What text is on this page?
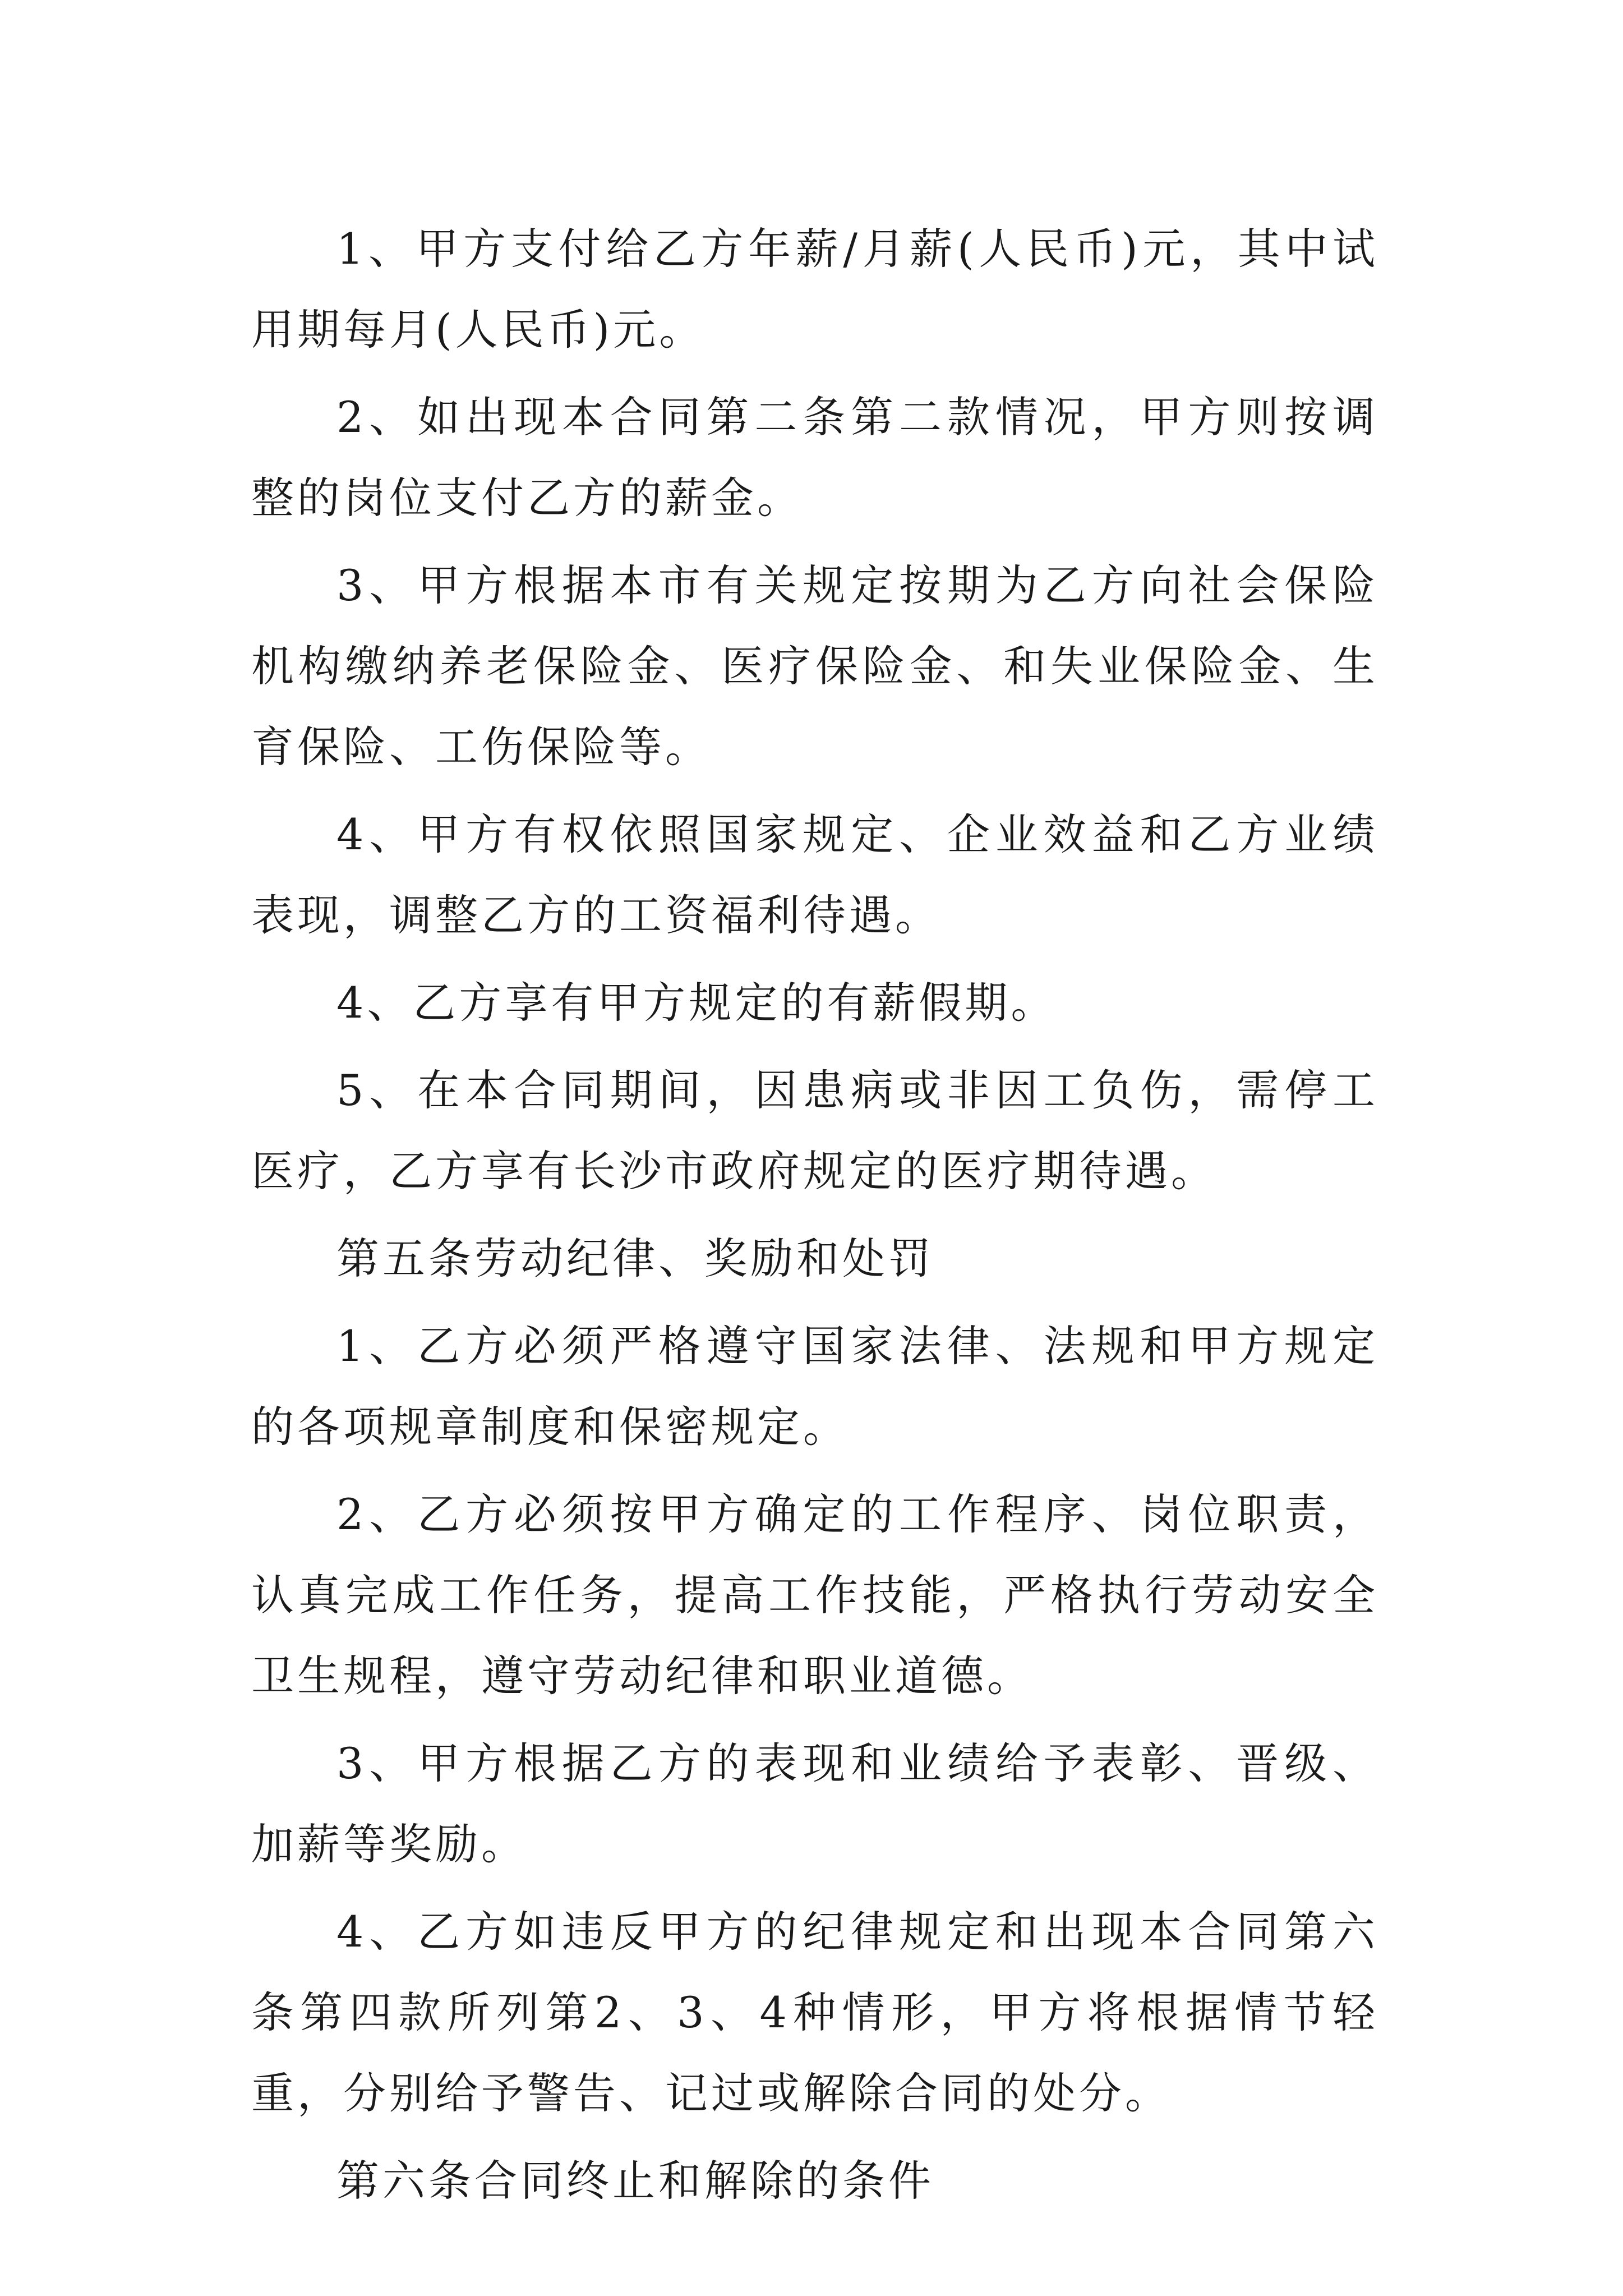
1、甲方支付给乙方年薪/月薪(人民币)元，其中试用期每月(人民币)元。

2、如出现本合同第二条第二款情况，甲方则按调整的岗位支付乙方的薪金。

3、甲方根据本市有关规定按期为乙方向社会保险机构缴纳养老保险金、医疗保险金、和失业保险金、生育保险、工伤保险等。

4、甲方有权依照国家规定、企业效益和乙方业绩表现，调整乙方的工资福利待遇。

4、乙方享有甲方规定的有薪假期。

5、在本合同期间，因患病或非因工负伤，需停工医疗，乙方享有长沙市政府规定的医疗期待遇。

第五条劳动纪律、奖励和处罚

1、乙方必须严格遵守国家法律、法规和甲方规定的各项规章制度和保密规定。

2、乙方必须按甲方确定的工作程序、岗位职责，认真完成工作任务，提高工作技能，严格执行劳动安全卫生规程，遵守劳动纪律和职业道德。

3、甲方根据乙方的表现和业绩给予表彰、晋级、加薪等奖励。

4、乙方如违反甲方的纪律规定和出现本合同第六条第四款所列第2、3、4种情形，甲方将根据情节轻重，分别给予警告、记过或解除合同的处分。

第六条合同终止和解除的条件
